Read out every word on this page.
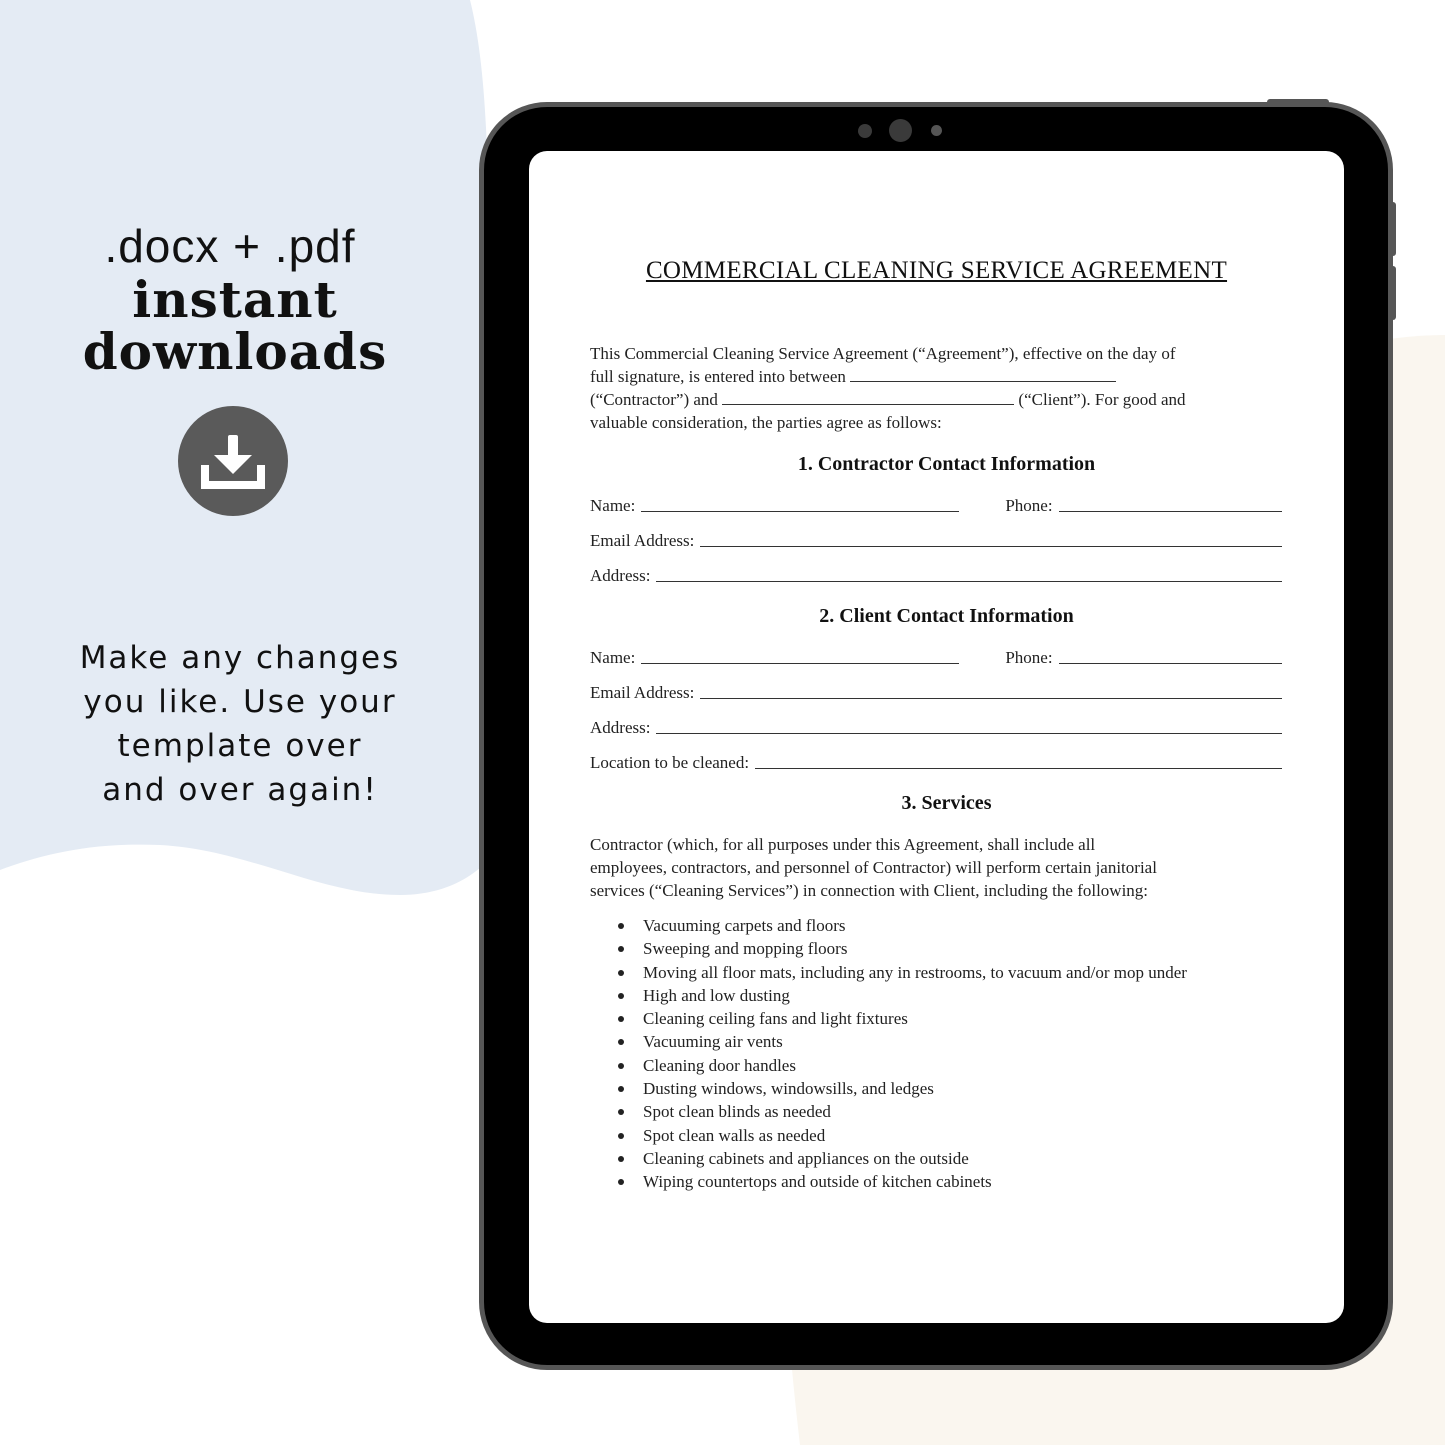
.docx + .pdf
instant
downloads
Make any changes
you like. Use your
template over
and over again!
COMMERCIAL CLEANING SERVICE AGREEMENT
This Commercial Cleaning Service Agreement (“Agreement”), effective on the day of
full signature, is entered into between
(“Contractor”) and	(“Client”). For good and
valuable consideration, the parties agree as follows:
1. Contractor Contact Information
Name:	Phone:
Email Address:
Address:
2. Client Contact Information
Name:	Phone:
Email Address:
Address:
Location to be cleaned:
3. Services
Contractor (which, for all purposes under this Agreement, shall include all
employees, contractors, and personnel of Contractor) will perform certain janitorial
services (“Cleaning Services”) in connection with Client, including the following:
Vacuuming carpets and floors
Sweeping and mopping floors
Moving all floor mats, including any in restrooms, to vacuum and/or mop under
High and low dusting
Cleaning ceiling fans and light fixtures
Vacuuming air vents
Cleaning door handles
Dusting windows, windowsills, and ledges
Spot clean blinds as needed
Spot clean walls as needed
Cleaning cabinets and appliances on the outside
Wiping countertops and outside of kitchen cabinets
